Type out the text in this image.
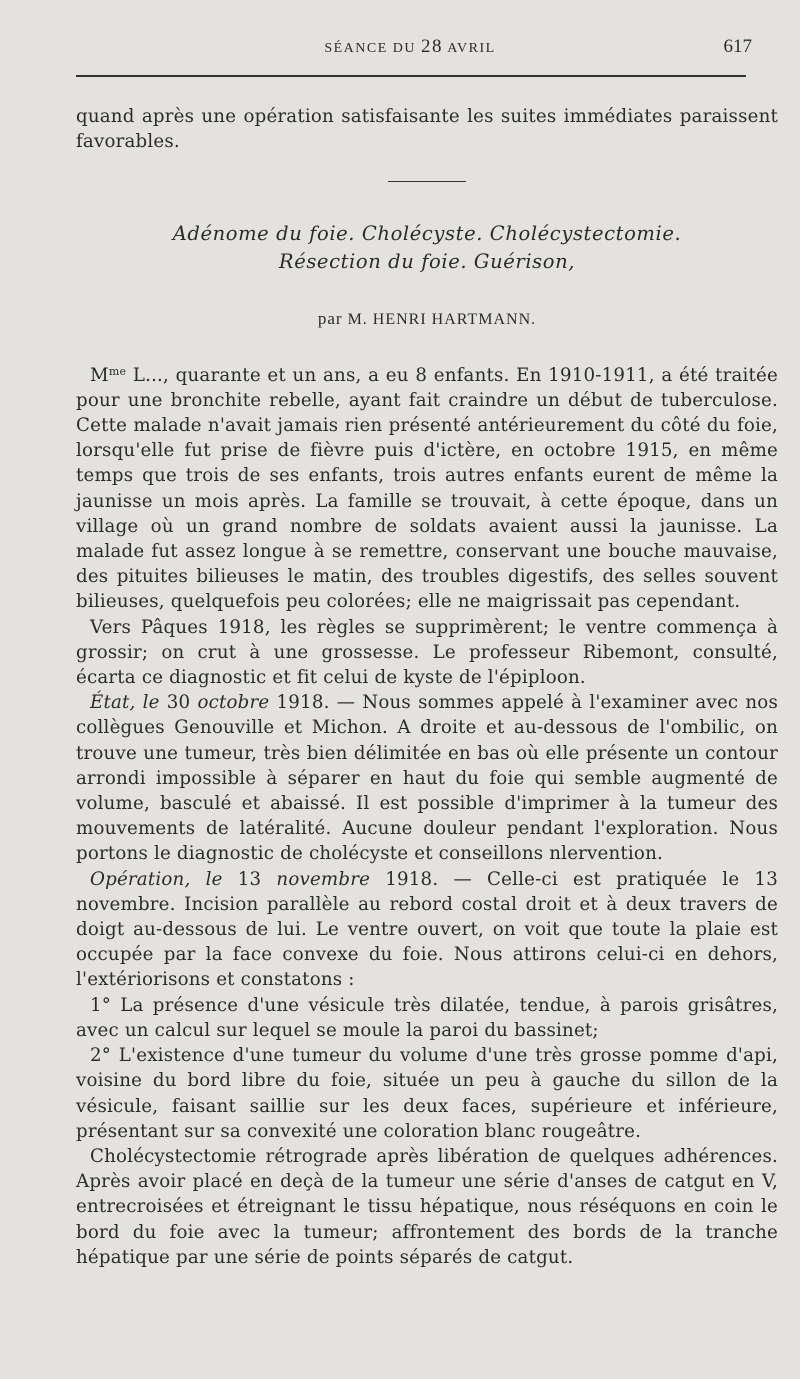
SÉANCE DU 28 AVRIL	617

quand après une opération satisfaisante les suites immédiates paraissent favorables.

Adénome du foie. Cholécyste. Cholécystectomie.
Résection du foie. Guérison,
par M. HENRI HARTMANN.

$M^{me}$ L..., quarante et un ans, a eu 8 enfants. En 1910-1911, a été traitée pour une bronchite rebelle, ayant fait craindre un début de tuberculose. Cette malade n'avait jamais rien présenté antérieurement du côté du foie, lorsqu'elle fut prise de fièvre puis d'ictère, en octobre 1915, en même temps que trois de ses enfants, trois autres enfants eurent de même la jaunisse un mois après. La famille se trouvait, à cette époque, dans un village où un grand nombre de soldats avaient aussi la jaunisse. La malade fut assez longue à se remettre, conservant une bouche mauvaise, des pituites bilieuses le matin, des troubles digestifs, des selles souvent bilieuses, quelquefois peu colorées; elle ne maigrissait pas cependant.

Vers Pâques 1918, les règles se supprimèrent; le ventre commença à grossir; on crut à une grossesse. Le professeur Ribemont, consulté, écarta ce diagnostic et fit celui de kyste de l'épiploon.

État, le 30 octobre 1918. — Nous sommes appelé à l'examiner avec nos collègues Genouville et Michon. A droite et au-dessous de l'ombilic, on trouve une tumeur, très bien délimitée en bas où elle présente un contour arrondi impossible à séparer en haut du foie qui semble augmenté de volume, basculé et abaissé. Il est possible d'imprimer à la tumeur des mouvements de latéralité. Aucune douleur pendant l'exploration. Nous portons le diagnostic de cholécyste et conseillons nlervention.

Opération, le 13 novembre 1918. — Celle-ci est pratiquée le 13 novembre. Incision parallèle au rebord costal droit et à deux travers de doigt au-dessous de lui. Le ventre ouvert, on voit que toute la plaie est occupée par la face convexe du foie. Nous attirons celui-ci en dehors, l'extériorisons et constatons :

1° La présence d'une vésicule très dilatée, tendue, à parois grisâtres, avec un calcul sur lequel se moule la paroi du bassinet;

2° L'existence d'une tumeur du volume d'une très grosse pomme d'api, voisine du bord libre du foie, située un peu à gauche du sillon de la vésicule, faisant saillie sur les deux faces, supérieure et inférieure, présentant sur sa convexité une coloration blanc rougeâtre.

Cholécystectomie rétrograde après libération de quelques adhérences. Après avoir placé en deçà de la tumeur une série d'anses de catgut en V, entrecroisées et étreignant le tissu hépatique, nous réséquons en coin le bord du foie avec la tumeur; affrontement des bords de la tranche hépatique par une série de points séparés de catgut.
